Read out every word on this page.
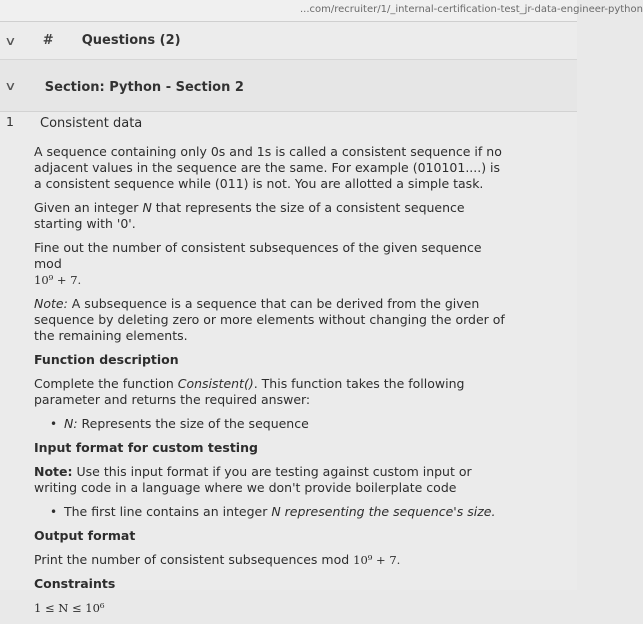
...com/recruiter/1/_internal-certification-test_jr-data-engineer-python
∨ # Questions (2)
∨ Section: Python - Section 2
1 Consistent data
A sequence containing only 0s and 1s is called a consistent sequence if no adjacent values in the sequence are the same. For example (010101....) is a consistent sequence while (011) is not. You are allotted a simple task.
Given an integer N that represents the size of a consistent sequence starting with '0'.
Fine out the number of consistent subsequences of the given sequence mod
10⁹ + 7.
Note: A subsequence is a sequence that can be derived from the given sequence by deleting zero or more elements without changing the order of the remaining elements.
Function description
Complete the function Consistent(). This function takes the following parameter and returns the required answer:
• N: Represents the size of the sequence
Input format for custom testing
Note: Use this input format if you are testing against custom input or writing code in a language where we don't provide boilerplate code
• The first line contains an integer N representing the sequence's size.
Output format
Print the number of consistent subsequences mod 10⁹ + 7.
Constraints
1 ≤ N ≤ 10⁶
